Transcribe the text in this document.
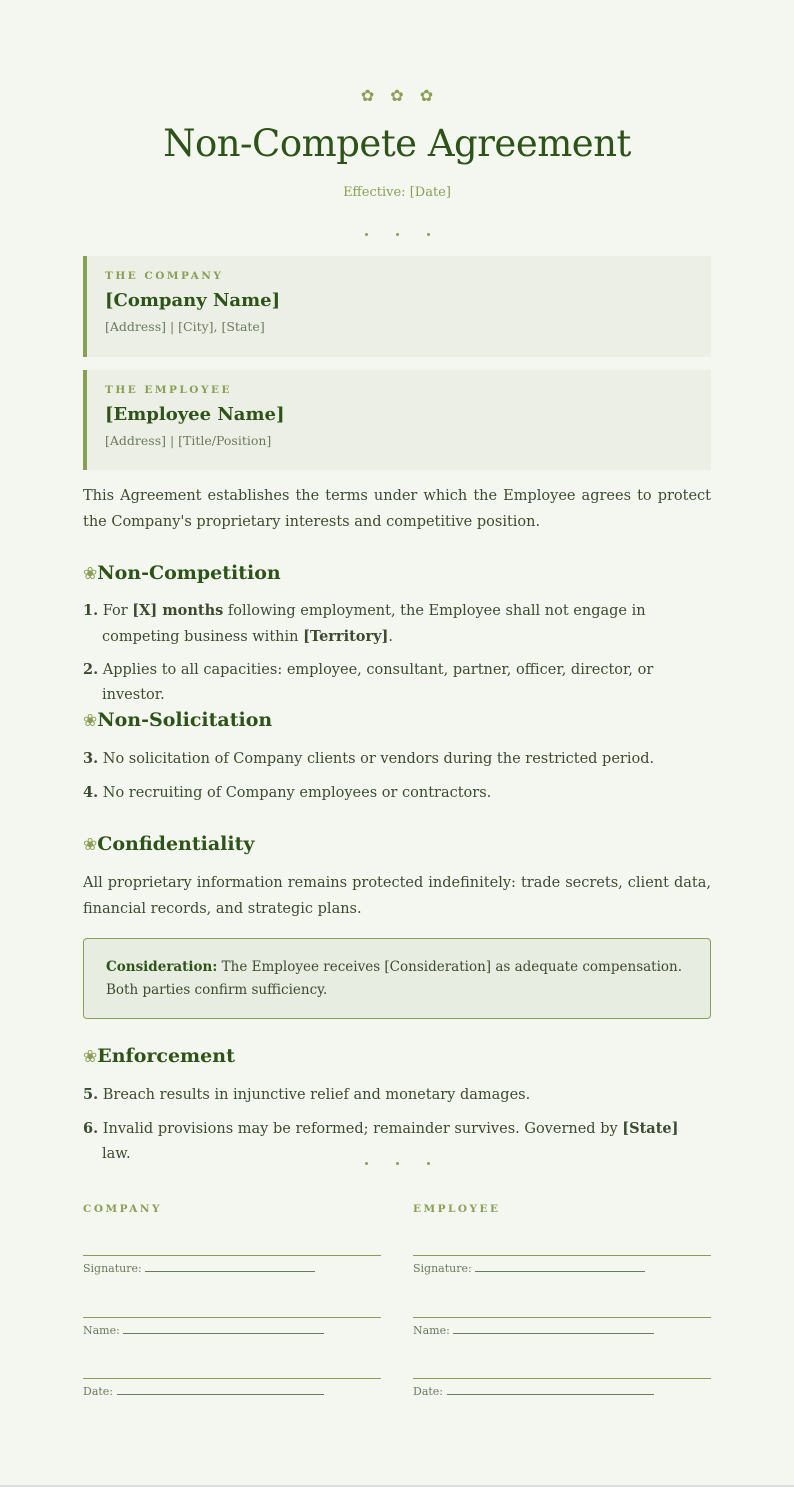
✿ ✿ ✿
Non-Compete Agreement
Effective: [Date]
THE COMPANY
[Company Name]
[Address] | [City], [State]
THE EMPLOYEE
[Employee Name]
[Address] | [Title/Position]

This Agreement establishes the terms under which the Employee agrees to protect the Company's proprietary interests and competitive position.

❀Non-Competition
1. For [X] months following employment, the Employee shall not engage in competing business within [Territory].
2. Applies to all capacities: employee, consultant, partner, officer, director, or investor.
❀Non-Solicitation
3. No solicitation of Company clients or vendors during the restricted period.
4. No recruiting of Company employees or contractors.
❀Confidentiality

All proprietary information remains protected indefinitely: trade secrets, client data, financial records, and strategic plans.

Consideration: The Employee receives [Consideration] as adequate compensation. Both parties confirm sufficiency.
❀Enforcement
5. Breach results in injunctive relief and monetary damages.
6. Invalid provisions may be reformed; remainder survives. Governed by [State] law.
COMPANY
Signature:
Name:
Date:
EMPLOYEE
Signature:
Name:
Date:
